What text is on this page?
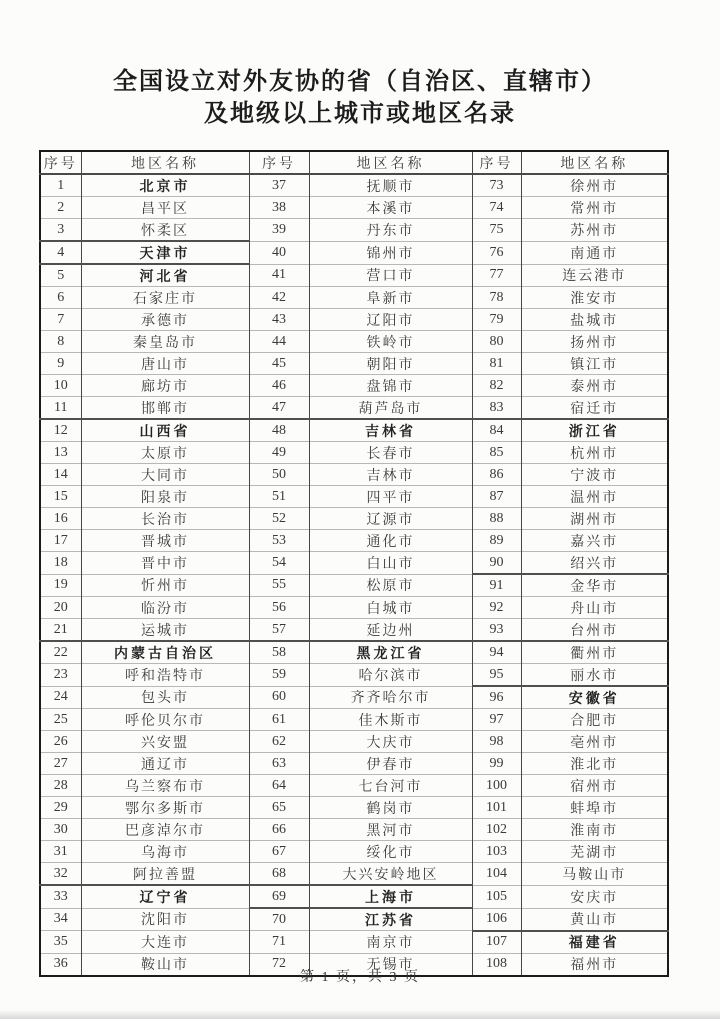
全国设立对外友协的省（自治区、直辖市）
及地级以上城市或地区名录
序号	地区名称	序号	地区名称	序号	地区名称
1	北京市	37	抚顺市	73	徐州市
2	昌平区	38	本溪市	74	常州市
3	怀柔区	39	丹东市	75	苏州市
4	天津市	40	锦州市	76	南通市
5	河北省	41	营口市	77	连云港市
6	石家庄市	42	阜新市	78	淮安市
7	承德市	43	辽阳市	79	盐城市
8	秦皇岛市	44	铁岭市	80	扬州市
9	唐山市	45	朝阳市	81	镇江市
10	廊坊市	46	盘锦市	82	泰州市
11	邯郸市	47	葫芦岛市	83	宿迁市
12	山西省	48	吉林省	84	浙江省
13	太原市	49	长春市	85	杭州市
14	大同市	50	吉林市	86	宁波市
15	阳泉市	51	四平市	87	温州市
16	长治市	52	辽源市	88	湖州市
17	晋城市	53	通化市	89	嘉兴市
18	晋中市	54	白山市	90	绍兴市
19	忻州市	55	松原市	91	金华市
20	临汾市	56	白城市	92	舟山市
21	运城市	57	延边州	93	台州市
22	内蒙古自治区	58	黑龙江省	94	衢州市
23	呼和浩特市	59	哈尔滨市	95	丽水市
24	包头市	60	齐齐哈尔市	96	安徽省
25	呼伦贝尔市	61	佳木斯市	97	合肥市
26	兴安盟	62	大庆市	98	亳州市
27	通辽市	63	伊春市	99	淮北市
28	乌兰察布市	64	七台河市	100	宿州市
29	鄂尔多斯市	65	鹤岗市	101	蚌埠市
30	巴彦淖尔市	66	黑河市	102	淮南市
31	乌海市	67	绥化市	103	芜湖市
32	阿拉善盟	68	大兴安岭地区	104	马鞍山市
33	辽宁省	69	上海市	105	安庆市
34	沈阳市	70	江苏省	106	黄山市
35	大连市	71	南京市	107	福建省
36	鞍山市	72	无锡市	108	福州市
第 1 页，共 3 页
